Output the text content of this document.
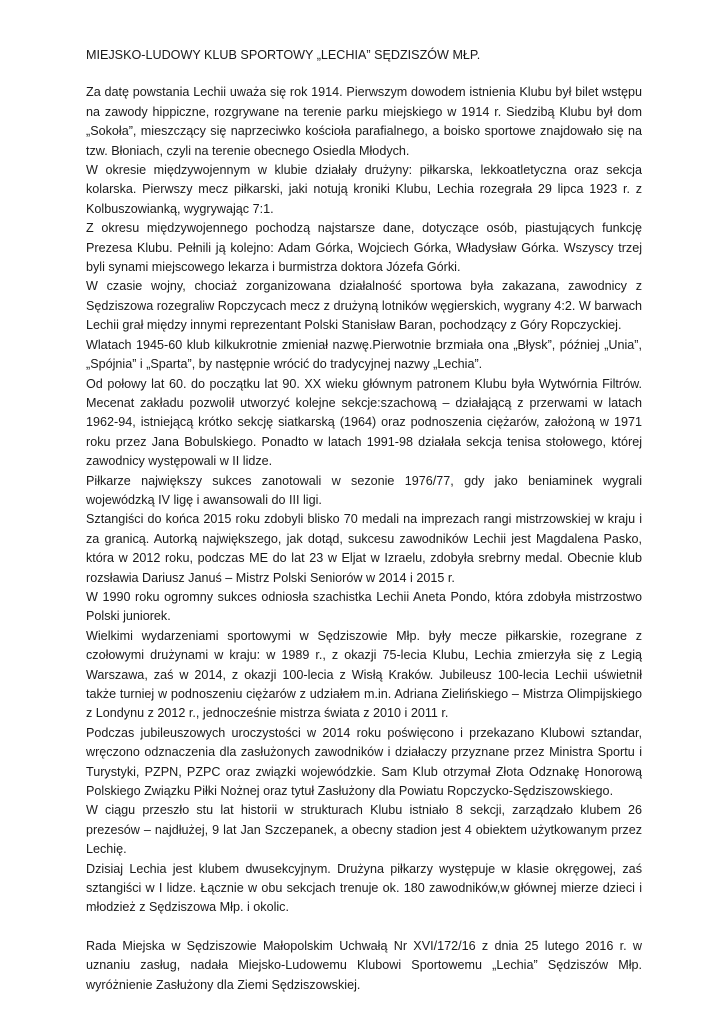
MIEJSKO-LUDOWY KLUB SPORTOWY „LECHIA” SĘDZISZÓW MŁP.

Za datę powstania Lechii uważa się rok 1914. Pierwszym dowodem istnienia Klubu był bilet wstępu na zawody hippiczne, rozgrywane na terenie parku miejskiego w 1914 r. Siedzibą Klubu był dom „Sokoła”, mieszczący się naprzeciwko kościoła parafialnego, a boisko sportowe znajdowało się na tzw. Błoniach, czyli na terenie obecnego Osiedla Młodych.

W okresie międzywojennym w klubie działały drużyny: piłkarska, lekkoatletyczna oraz sekcja kolarska. Pierwszy mecz piłkarski, jaki notują kroniki Klubu, Lechia rozegrała 29 lipca 1923 r. z Kolbuszowianką, wygrywając 7:1.

Z okresu międzywojennego pochodzą najstarsze dane, dotyczące osób, piastujących funkcję Prezesa Klubu. Pełnili ją kolejno: Adam Górka, Wojciech Górka, Władysław Górka. Wszyscy trzej byli synami miejscowego lekarza i burmistrza doktora Józefa Górki.

W czasie wojny, chociaż zorganizowana działalność sportowa była zakazana, zawodnicy z Sędziszowa rozegraliw Ropczycach mecz z drużyną lotników węgierskich, wygrany 4:2. W barwach Lechii grał między innymi reprezentant Polski Stanisław Baran, pochodzący z Góry Ropczyckiej.

Wlatach 1945-60 klub kilkukrotnie zmieniał nazwę.Pierwotnie brzmiała ona „Błysk”, później „Unia”, „Spójnia” i „Sparta”, by następnie wrócić do tradycyjnej nazwy „Lechia”.

Od połowy lat 60. do początku lat 90. XX wieku głównym patronem Klubu była Wytwórnia Filtrów. Mecenat zakładu pozwolił utworzyć kolejne sekcje:szachową – działającą z przerwami w latach 1962-94, istniejącą krótko sekcję siatkarską (1964) oraz podnoszenia ciężarów, założoną w 1971 roku przez Jana Bobulskiego. Ponadto w latach 1991-98 działała sekcja tenisa stołowego, której zawodnicy występowali w II lidze.

Piłkarze największy sukces zanotowali w sezonie 1976/77, gdy jako beniaminek wygrali wojewódzką IV ligę i awansowali do III ligi.

Sztangiści do końca 2015 roku zdobyli blisko 70 medali na imprezach rangi mistrzowskiej w kraju i za granicą. Autorką największego, jak dotąd, sukcesu zawodników Lechii jest Magdalena Pasko, która w 2012 roku, podczas ME do lat 23 w Eljat w Izraelu, zdobyła srebrny medal. Obecnie klub rozsławia Dariusz Januś – Mistrz Polski Seniorów w 2014 i 2015 r.

W 1990 roku ogromny sukces odniosła szachistka Lechii Aneta Pondo, która zdobyła mistrzostwo Polski juniorek.

Wielkimi wydarzeniami sportowymi w Sędziszowie Młp. były mecze piłkarskie, rozegrane z czołowymi drużynami w kraju: w 1989 r., z okazji 75-lecia Klubu, Lechia zmierzyła się z Legią Warszawa, zaś w 2014, z okazji 100-lecia z Wisłą Kraków. Jubileusz 100-lecia Lechii uświetnił także turniej w podnoszeniu ciężarów z udziałem m.in. Adriana Zielińskiego – Mistrza Olimpijskiego z Londynu z 2012 r., jednocześnie mistrza świata z 2010 i 2011 r.

Podczas jubileuszowych uroczystości w 2014 roku poświęcono i przekazano Klubowi sztandar, wręczono odznaczenia dla zasłużonych zawodników i działaczy przyznane przez Ministra Sportu i Turystyki, PZPN, PZPC oraz związki wojewódzkie. Sam Klub otrzymał Złota Odznakę Honorową Polskiego Związku Piłki Nożnej oraz tytuł Zasłużony dla Powiatu Ropczycko-Sędziszowskiego.

W ciągu przeszło stu lat historii w strukturach Klubu istniało 8 sekcji, zarządzało klubem 26 prezesów – najdłużej, 9 lat Jan Szczepanek, a obecny stadion jest 4 obiektem użytkowanym przez Lechię.

Dzisiaj Lechia jest klubem dwusekcyjnym. Drużyna piłkarzy występuje w klasie okręgowej, zaś sztangiści w I lidze. Łącznie w obu sekcjach trenuje ok. 180 zawodników,w głównej mierze dzieci i młodzież z Sędziszowa Młp. i okolic.

Rada Miejska w Sędziszowie Małopolskim Uchwałą Nr XVI/172/16 z dnia 25 lutego 2016 r. w uznaniu zasług, nadała Miejsko-Ludowemu Klubowi Sportowemu „Lechia” Sędziszów Młp. wyróżnienie Zasłużony dla Ziemi Sędziszowskiej.
